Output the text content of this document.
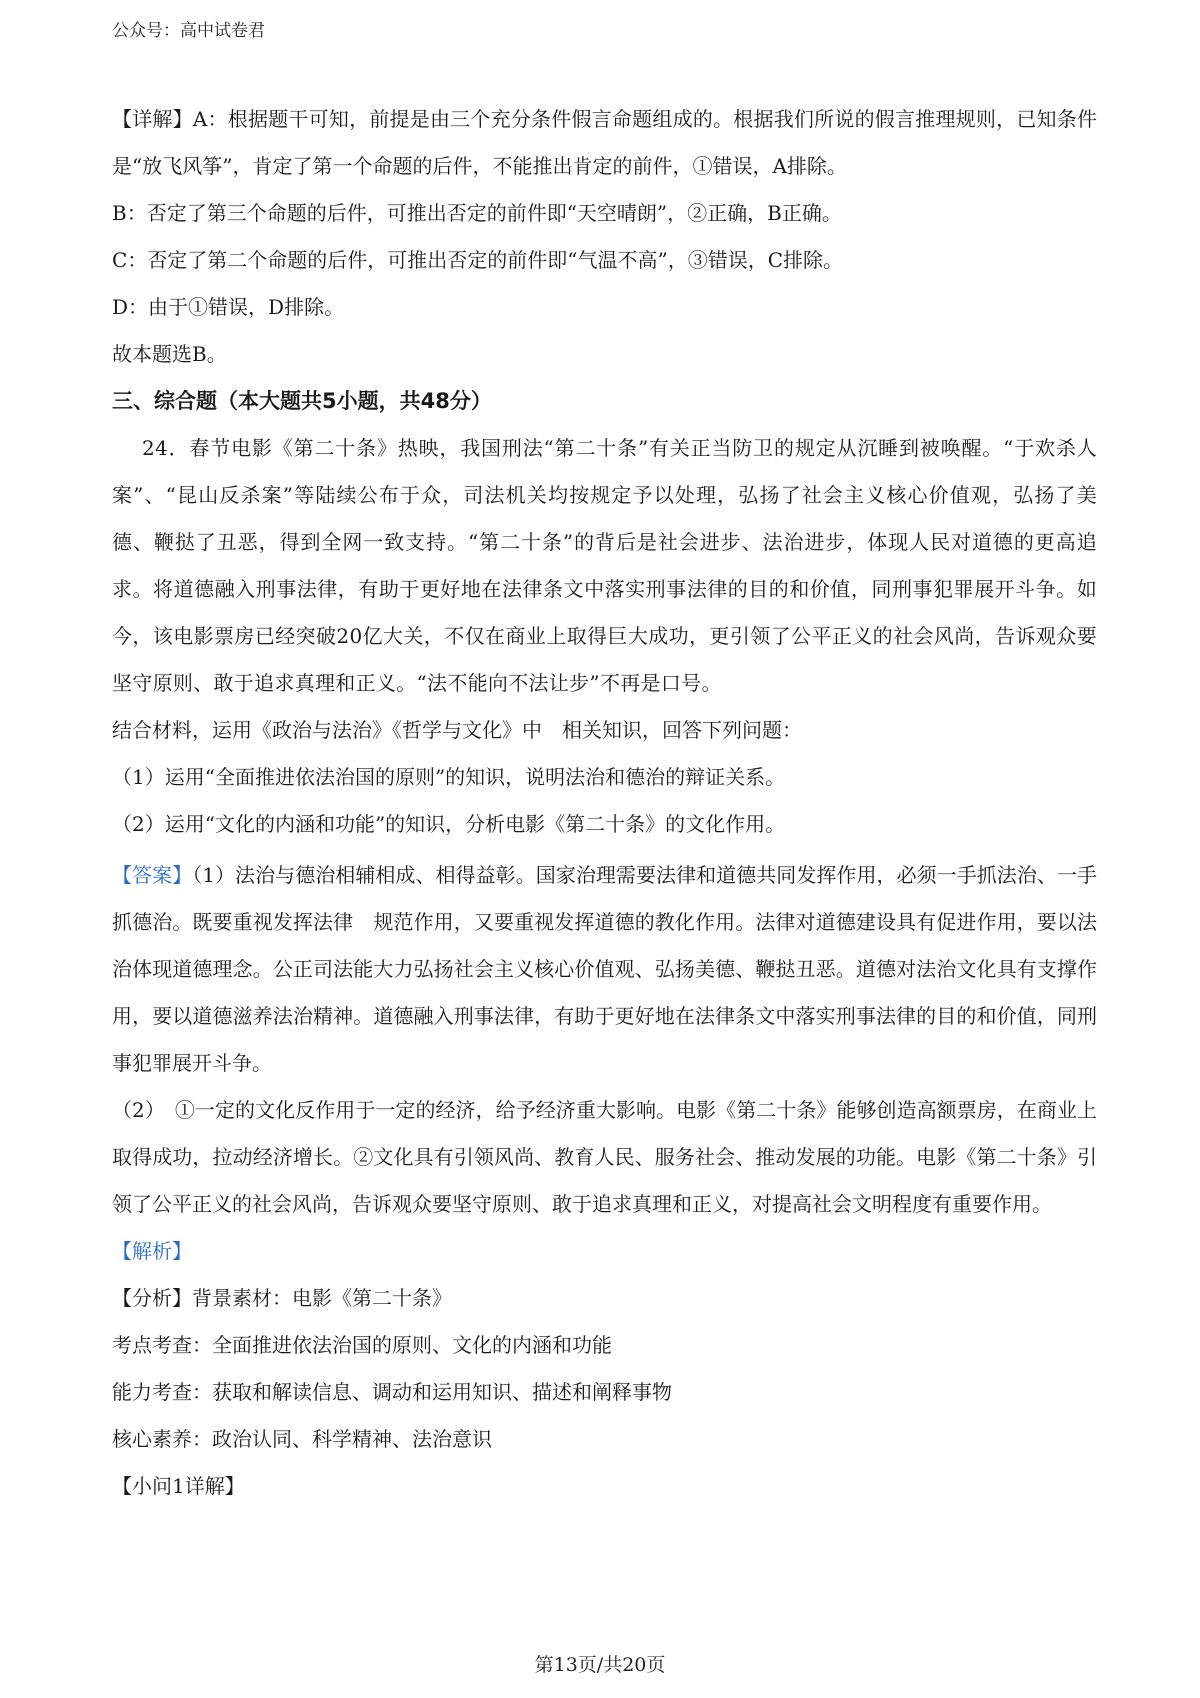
公众号：高中试卷君

【详解】A：根据题干可知，前提是由三个充分条件假言命题组成的。根据我们所说的假言推理规则，已知条件是“放飞风筝”，肯定了第一个命题的后件，不能推出肯定的前件，①错误，A排除。

B：否定了第三个命题的后件，可推出否定的前件即“天空晴朗”，②正确，B正确。

C：否定了第二个命题的后件，可推出否定的前件即“气温不高”，③错误，C排除。

D：由于①错误，D排除。

故本题选B。

三、综合题（本大题共5小题，共48分）

24．春节电影《第二十条》热映，我国刑法“第二十条”有关正当防卫的规定从沉睡到被唤醒。“于欢杀人案”、“昆山反杀案”等陆续公布于众，司法机关均按规定予以处理，弘扬了社会主义核心价值观，弘扬了美德、鞭挞了丑恶，得到全网一致支持。“第二十条”的背后是社会进步、法治进步，体现人民对道德的更高追求。将道德融入刑事法律，有助于更好地在法律条文中落实刑事法律的目的和价值，同刑事犯罪展开斗争。如今，该电影票房已经突破20亿大关，不仅在商业上取得巨大成功，更引领了公平正义的社会风尚，告诉观众要坚守原则、敢于追求真理和正义。“法不能向不法让步”不再是口号。

结合材料，运用《政治与法治》《哲学与文化》中　相关知识，回答下列问题：

（1）运用“全面推进依法治国的原则”的知识，说明法治和德治的辩证关系。

（2）运用“文化的内涵和功能”的知识，分析电影《第二十条》的文化作用。

【答案】（1）法治与德治相辅相成、相得益彰。国家治理需要法律和道德共同发挥作用，必须一手抓法治、一手抓德治。既要重视发挥法律　规范作用，又要重视发挥道德的教化作用。法律对道德建设具有促进作用，要以法治体现道德理念。公正司法能大力弘扬社会主义核心价值观、弘扬美德、鞭挞丑恶。道德对法治文化具有支撑作用，要以道德滋养法治精神。道德融入刑事法律，有助于更好地在法律条文中落实刑事法律的目的和价值，同刑事犯罪展开斗争。

（2）　①一定的文化反作用于一定的经济，给予经济重大影响。电影《第二十条》能够创造高额票房，在商业上取得成功，拉动经济增长。②文化具有引领风尚、教育人民、服务社会、推动发展的功能。电影《第二十条》引领了公平正义的社会风尚，告诉观众要坚守原则、敢于追求真理和正义，对提高社会文明程度有重要作用。

【解析】

【分析】背景素材：电影《第二十条》

考点考查：全面推进依法治国的原则、文化的内涵和功能

能力考查：获取和解读信息、调动和运用知识、描述和阐释事物

核心素养：政治认同、科学精神、法治意识

【小问1详解】

第13页/共20页
